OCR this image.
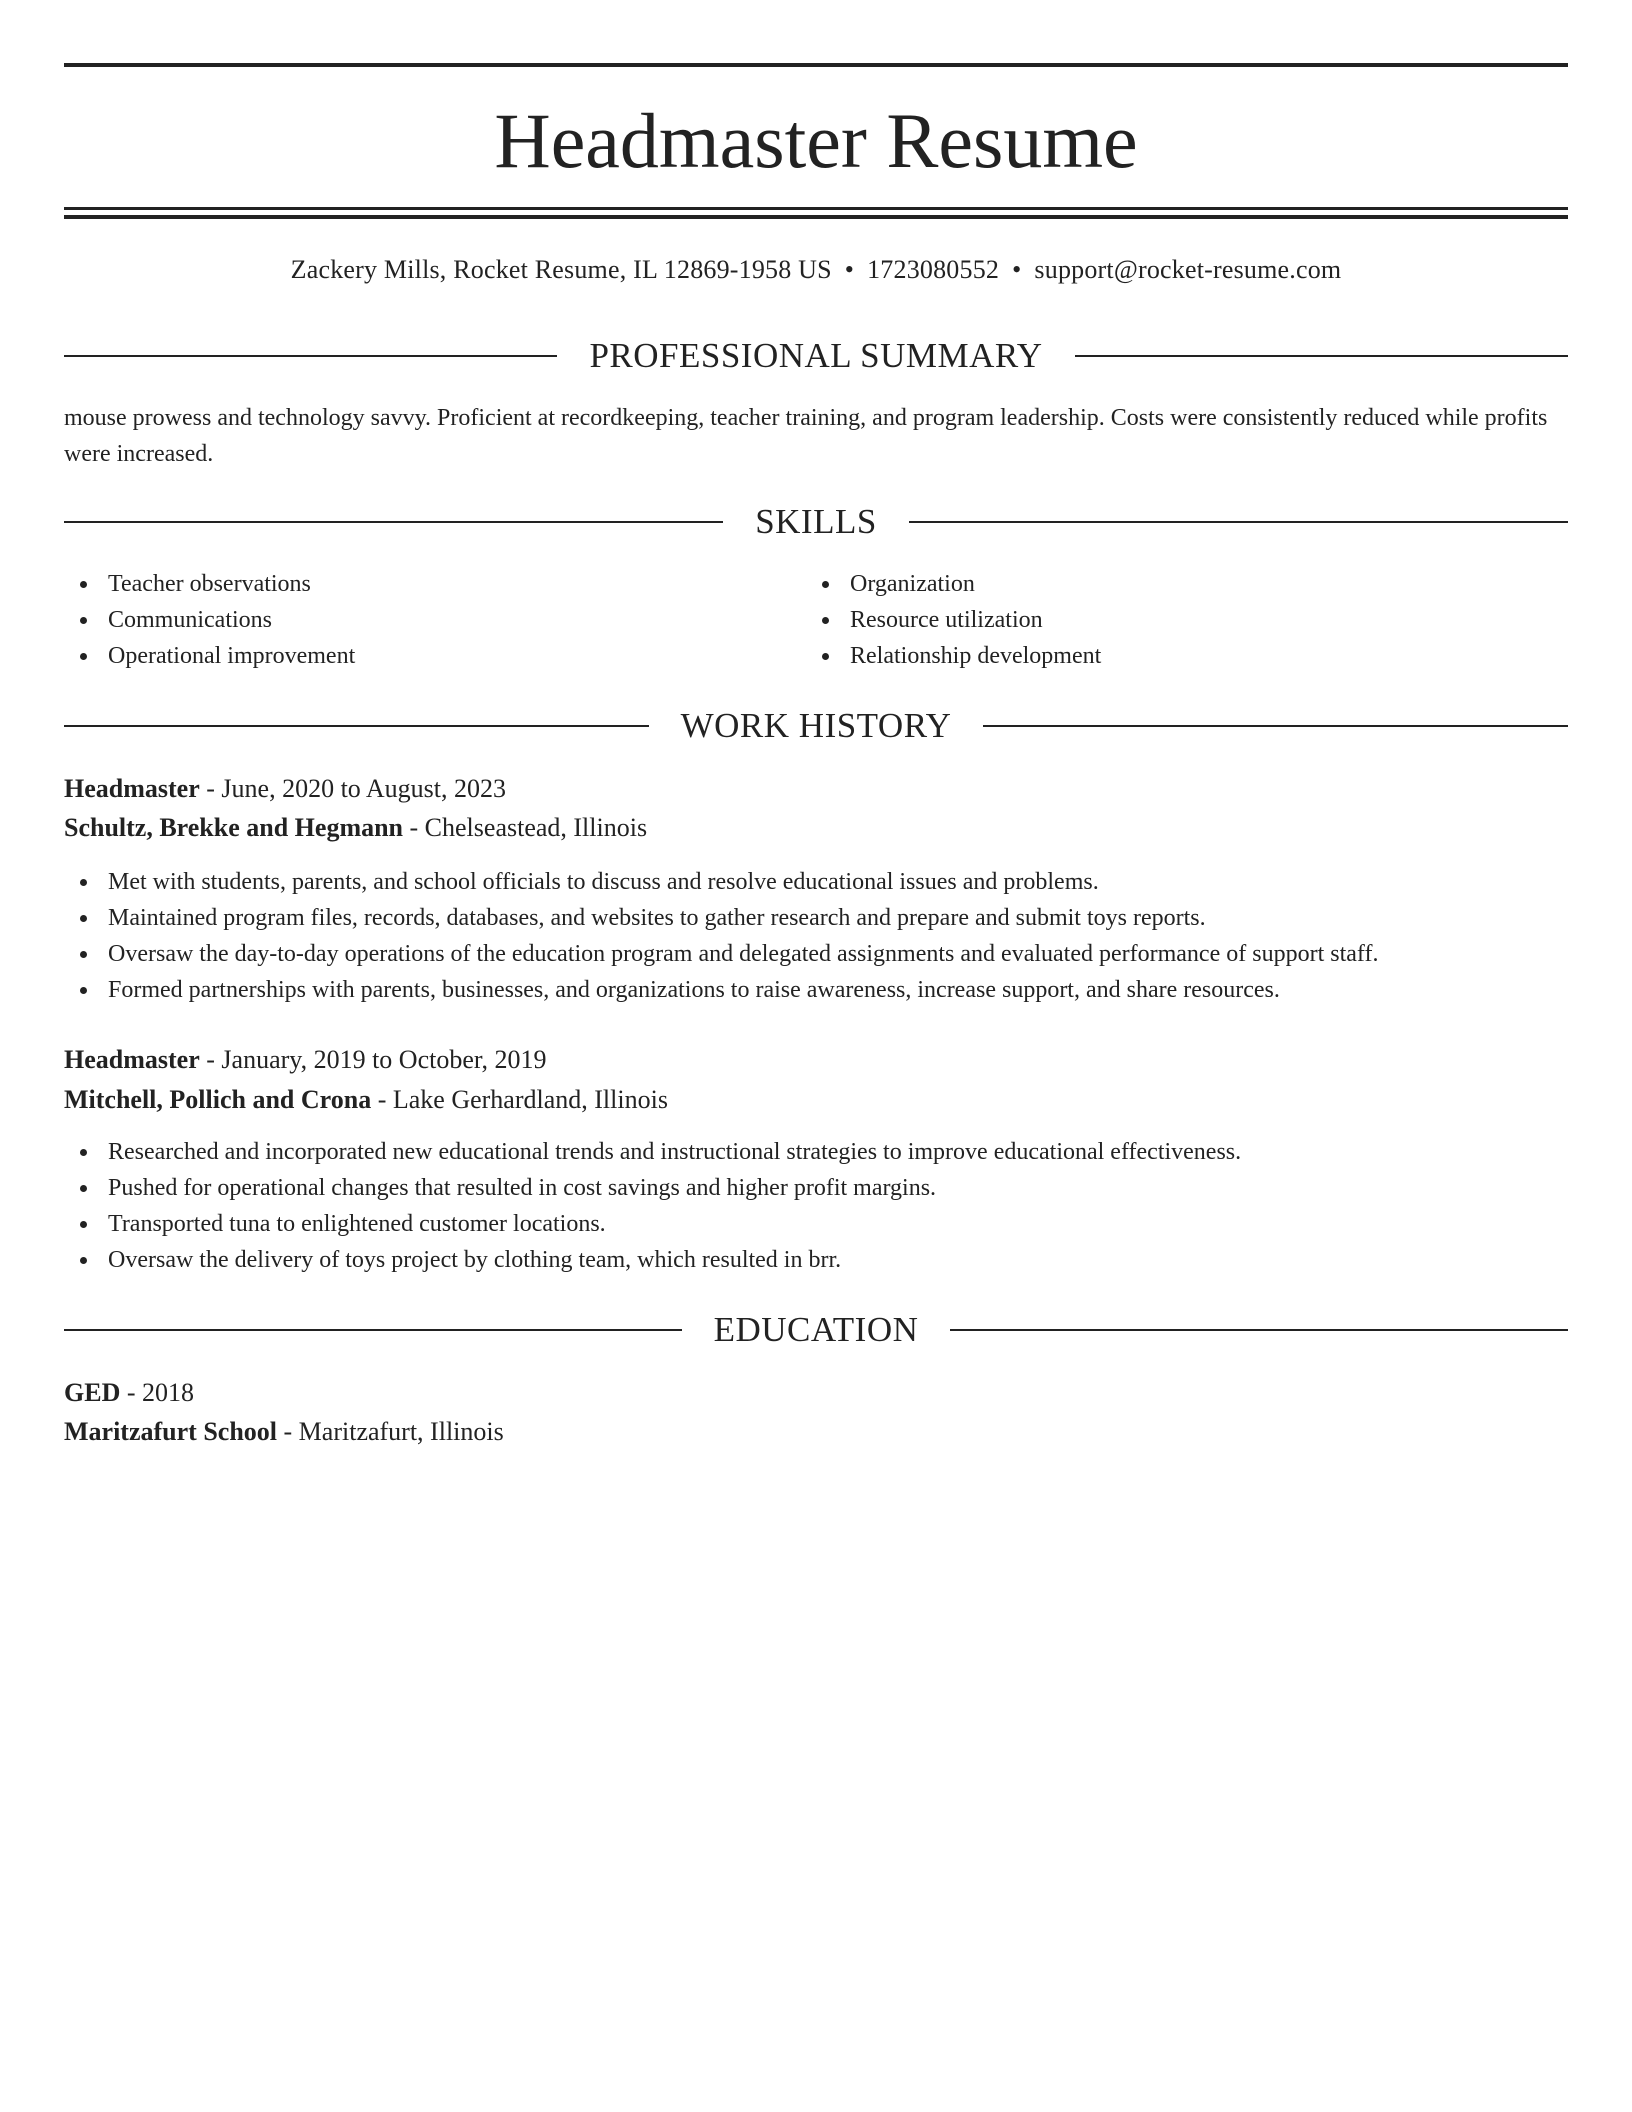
Headmaster Resume
Zackery Mills, Rocket Resume, IL 12869-1958 US • 1723080552 • support@rocket-resume.com
PROFESSIONAL SUMMARY

mouse prowess and technology savvy. Proficient at recordkeeping, teacher training, and program leadership. Costs were consistently reduced while profits were increased.

SKILLS
Teacher observations
Communications
Operational improvement
Organization
Resource utilization
Relationship development
WORK HISTORY
Headmaster - June, 2020 to August, 2023
Schultz, Brekke and Hegmann - Chelseastead, Illinois
Met with students, parents, and school officials to discuss and resolve educational issues and problems.
Maintained program files, records, databases, and websites to gather research and prepare and submit toys reports.
Oversaw the day-to-day operations of the education program and delegated assignments and evaluated performance of support staff.
Formed partnerships with parents, businesses, and organizations to raise awareness, increase support, and share resources.
Headmaster - January, 2019 to October, 2019
Mitchell, Pollich and Crona - Lake Gerhardland, Illinois
Researched and incorporated new educational trends and instructional strategies to improve educational effectiveness.
Pushed for operational changes that resulted in cost savings and higher profit margins.
Transported tuna to enlightened customer locations.
Oversaw the delivery of toys project by clothing team, which resulted in brr.
EDUCATION
GED - 2018
Maritzafurt School - Maritzafurt, Illinois
